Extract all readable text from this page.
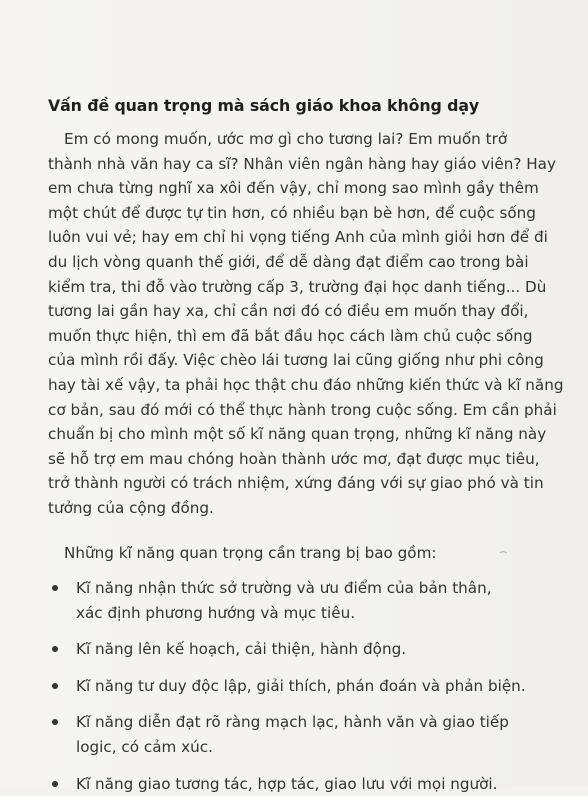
Vấn đề quan trọng mà sách giáo khoa không dạy
Em có mong muốn, ước mơ gì cho tương lai? Em muốn trở
thành nhà văn hay ca sĩ? Nhân viên ngân hàng hay giáo viên? Hay
em chưa từng nghĩ xa xôi đến vậy, chỉ mong sao mình gầy thêm
một chút để được tự tin hơn, có nhiều bạn bè hơn, để cuộc sống
luôn vui vẻ; hay em chỉ hi vọng tiếng Anh của mình giỏi hơn để đi
du lịch vòng quanh thế giới, để dễ dàng đạt điểm cao trong bài
kiểm tra, thi đỗ vào trường cấp 3, trường đại học danh tiếng... Dù
tương lai gần hay xa, chỉ cần nơi đó có điều em muốn thay đổi,
muốn thực hiện, thì em đã bắt đầu học cách làm chủ cuộc sống
của mình rồi đấy. Việc chèo lái tương lai cũng giống như phi công
hay tài xế vậy, ta phải học thật chu đáo những kiến thức và kĩ năng
cơ bản, sau đó mới có thể thực hành trong cuộc sống. Em cần phải
chuẩn bị cho mình một số kĩ năng quan trọng, những kĩ năng này
sẽ hỗ trợ em mau chóng hoàn thành ước mơ, đạt được mục tiêu,
trở thành người có trách nhiệm, xứng đáng với sự giao phó và tin
tưởng của cộng đồng.
Những kĩ năng quan trọng cần trang bị bao gồm:	⁀
Kĩ năng nhận thức sở trường và ưu điểm của bản thân,
xác định phương hướng và mục tiêu.
Kĩ năng lên kế hoạch, cải thiện, hành động.
Kĩ năng tư duy độc lập, giải thích, phán đoán và phản biện.
Kĩ năng diễn đạt rõ ràng mạch lạc, hành văn và giao tiếp
logic, có cảm xúc.
Kĩ năng giao tương tác, hợp tác, giao lưu với mọi người.
